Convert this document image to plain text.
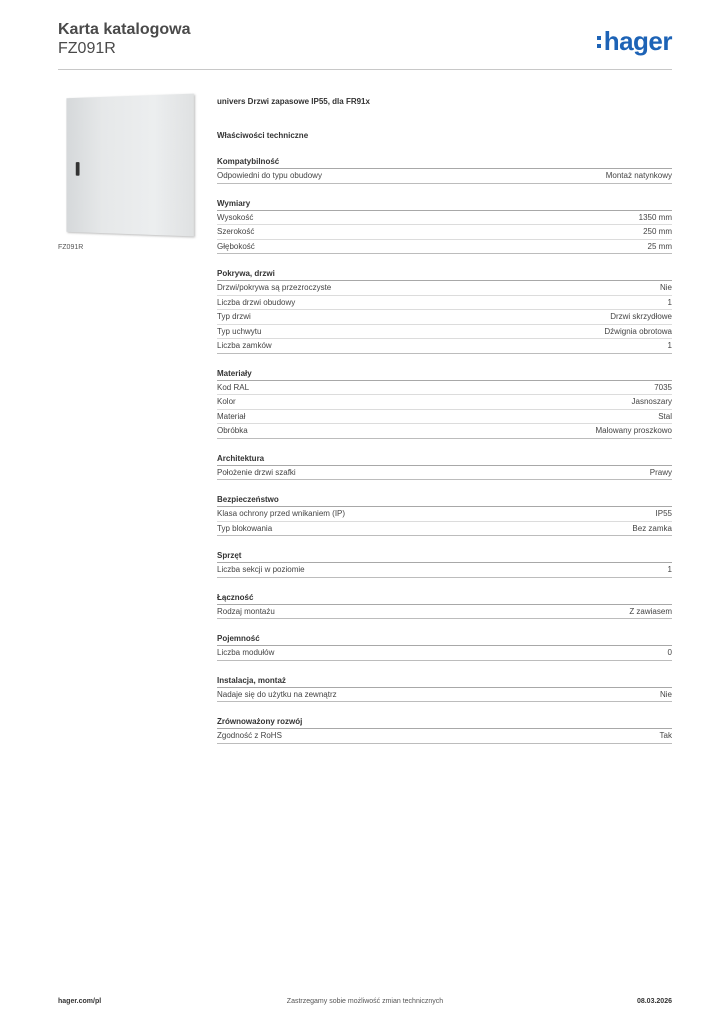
Karta katalogowa
FZ091R	hager
FZ091R
univers Drzwi zapasowe IP55, dla FR91x
Właściwości techniczne
Kompatybilność
Odpowiedni do typu obudowy	Montaż natynkowy
Wymiary
Wysokość	1350 mm
Szerokość	250 mm
Głębokość	25 mm
Pokrywa, drzwi
Drzwi/pokrywa są przezroczyste	Nie
Liczba drzwi obudowy	1
Typ drzwi	Drzwi skrzydłowe
Typ uchwytu	Dźwignia obrotowa
Liczba zamków	1
Materiały
Kod RAL	7035
Kolor	Jasnoszary
Materiał	Stal
Obróbka	Malowany proszkowo
Architektura
Położenie drzwi szafki	Prawy
Bezpieczeństwo
Klasa ochrony przed wnikaniem (IP)	IP55
Typ blokowania	Bez zamka
Sprzęt
Liczba sekcji w poziomie	1
Łączność
Rodzaj montażu	Z zawiasem
Pojemność
Liczba modułów	0
Instalacja, montaż
Nadaje się do użytku na zewnątrz	Nie
Zrównoważony rozwój
Zgodność z RoHS	Tak
hager.com/pl	Zastrzegamy sobie możliwość zmian technicznych	08.03.2026
